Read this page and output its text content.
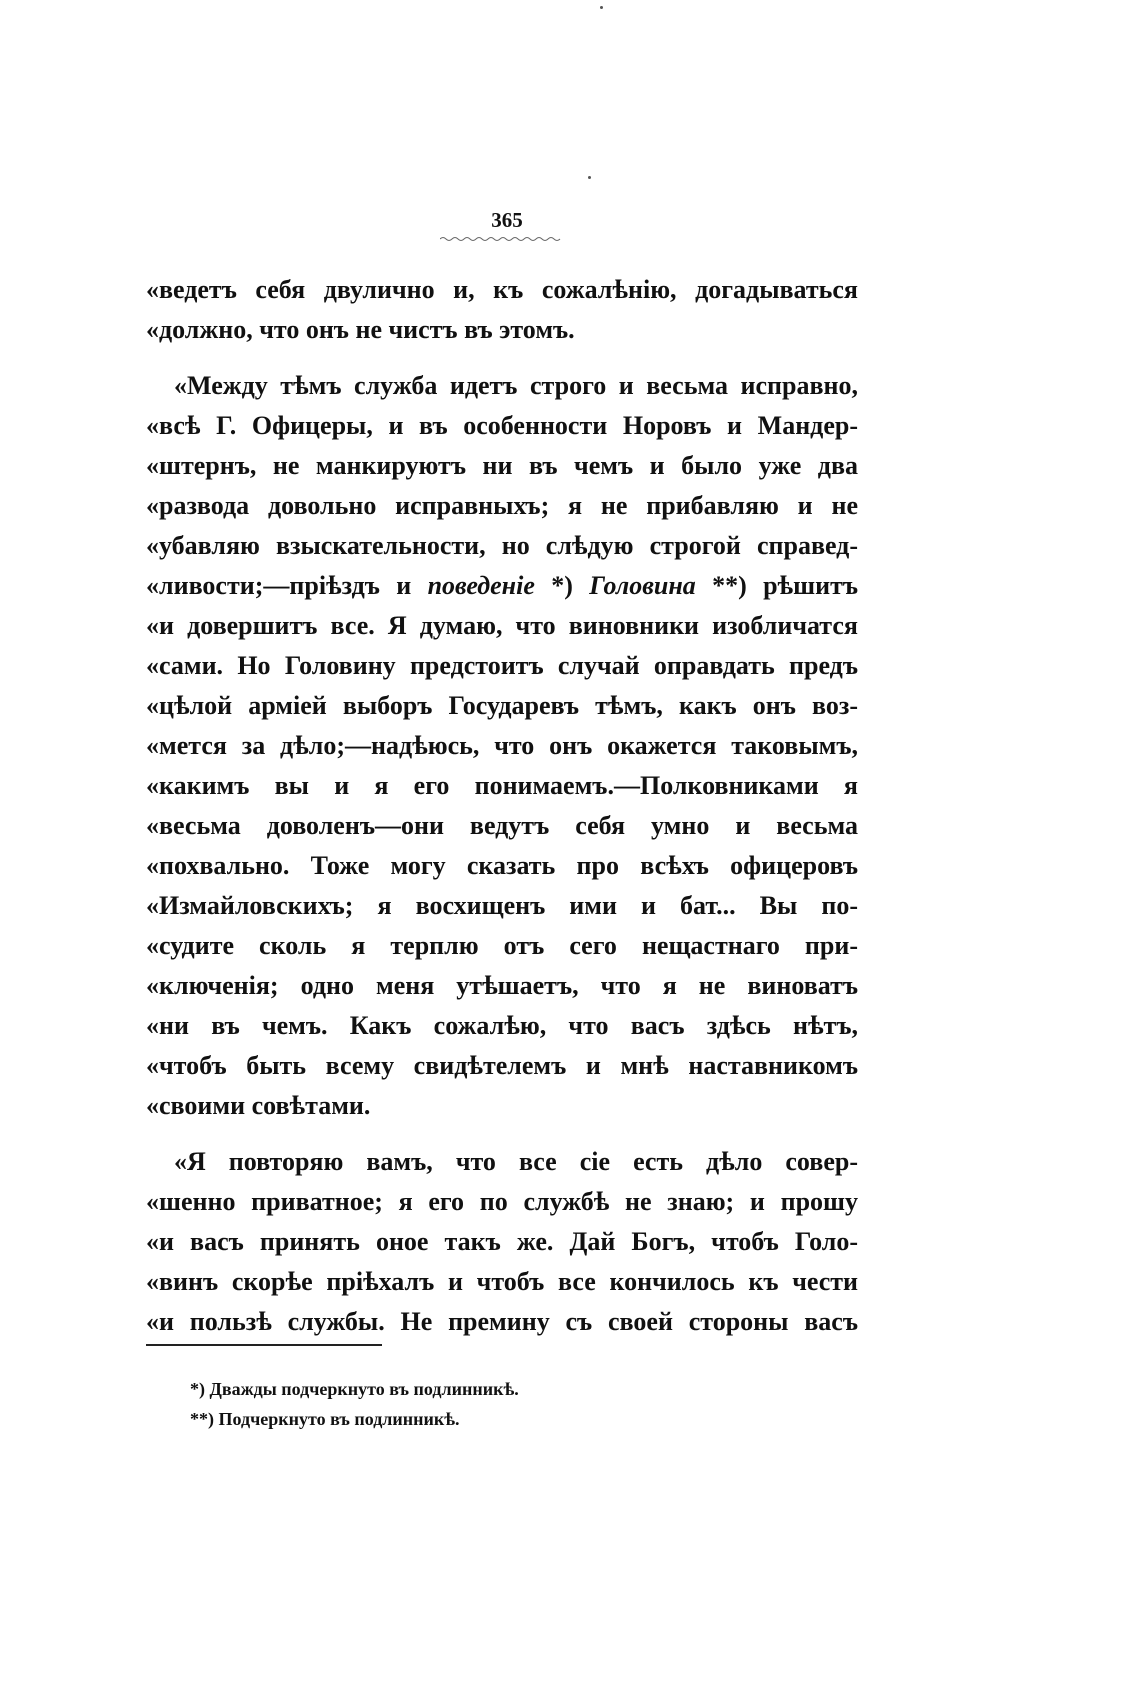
365
«ведетъ себя двулично и, къ сожалѣнію, догадываться
«должно, что онъ не чистъ въ этомъ.
«Между тѣмъ служба идетъ строго и весьма исправно,
«всѣ Г. Офицеры, и въ особенности Норовъ и Мандер-
«штернъ, не манкируютъ ни въ чемъ и было уже два
«развода довольно исправныхъ; я не прибавляю и не
«убавляю взыскательности, но слѣдую строгой справед-
«ливости;—пріѣздъ и поведеніе *) Головина **) рѣшитъ
«и довершитъ все. Я думаю, что виновники изобличатся
«сами. Но Головину предстоитъ случай оправдать предъ
«цѣлой арміей выборъ Государевъ тѣмъ, какъ онъ воз-
«мется за дѣло;—надѣюсь, что онъ окажется таковымъ,
«какимъ вы и я его понимаемъ.—Полковниками я
«весьма доволенъ—они ведутъ себя умно и весьма
«похвально. Тоже могу сказать про всѣхъ офицеровъ
«Измайловскихъ; я восхищенъ ими и бат... Вы по-
«судите сколь я терплю отъ сего нещастнаго при-
«ключенія; одно меня утѣшаетъ, что я не виноватъ
«ни въ чемъ. Какъ сожалѣю, что васъ здѣсь нѣтъ,
«чтобъ быть всему свидѣтелемъ и мнѣ наставникомъ
«своими совѣтами.
«Я повторяю вамъ, что все сіе есть дѣло совер-
«шенно приватное; я его по службѣ не знаю; и прошу
«и васъ принять оное такъ же. Дай Богъ, чтобъ Голо-
«винъ скорѣе пріѣхалъ и чтобъ все кончилось къ чести
«и пользѣ службы. Не премину съ своей стороны васъ
*) Дважды подчеркнуто въ подлинникѣ.
**) Подчеркнуто въ подлинникѣ.
